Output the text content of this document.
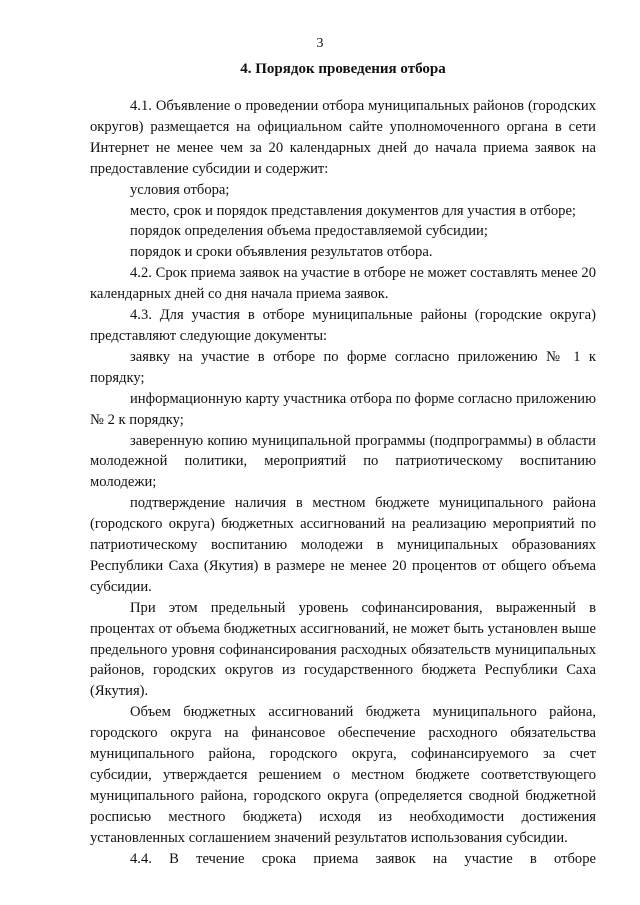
3
4. Порядок проведения отбора

4.1. Объявление о проведении отбора муниципальных районов (городских округов) размещается на официальном сайте уполномоченного органа в сети Интернет не менее чем за 20 календарных дней до начала приема заявок на предоставление субсидии и содержит:

условия отбора;

место, срок и порядок представления документов для участия в отборе;

порядок определения объема предоставляемой субсидии;

порядок и сроки объявления результатов отбора.

4.2. Срок приема заявок на участие в отборе не может составлять менее 20 календарных дней со дня начала приема заявок.

4.3. Для участия в отборе муниципальные районы (городские округа) представляют следующие документы:

заявку на участие в отборе по форме согласно приложению № 1 к порядку;

информационную карту участника отбора по форме согласно приложению № 2 к порядку;

заверенную копию муниципальной программы (подпрограммы) в области молодежной политики, мероприятий по патриотическому воспитанию молодежи;

подтверждение наличия в местном бюджете муниципального района (городского округа) бюджетных ассигнований на реализацию мероприятий по патриотическому воспитанию молодежи в муниципальных образованиях Республики Саха (Якутия) в размере не менее 20 процентов от общего объема субсидии.

При этом предельный уровень софинансирования, выраженный в процентах от объема бюджетных ассигнований, не может быть установлен выше предельного уровня софинансирования расходных обязательств муниципальных районов, городских округов из государственного бюджета Республики Саха (Якутия).

Объем бюджетных ассигнований бюджета муниципального района, городского округа на финансовое обеспечение расходного обязательства муниципального района, городского округа, софинансируемого за счет субсидии, утверждается решением о местном бюджете соответствующего муниципального района, городского округа (определяется сводной бюджетной росписью местного бюджета) исходя из необходимости достижения установленных соглашением значений результатов использования субсидии.

4.4. В течение срока приема заявок на участие в отборе
